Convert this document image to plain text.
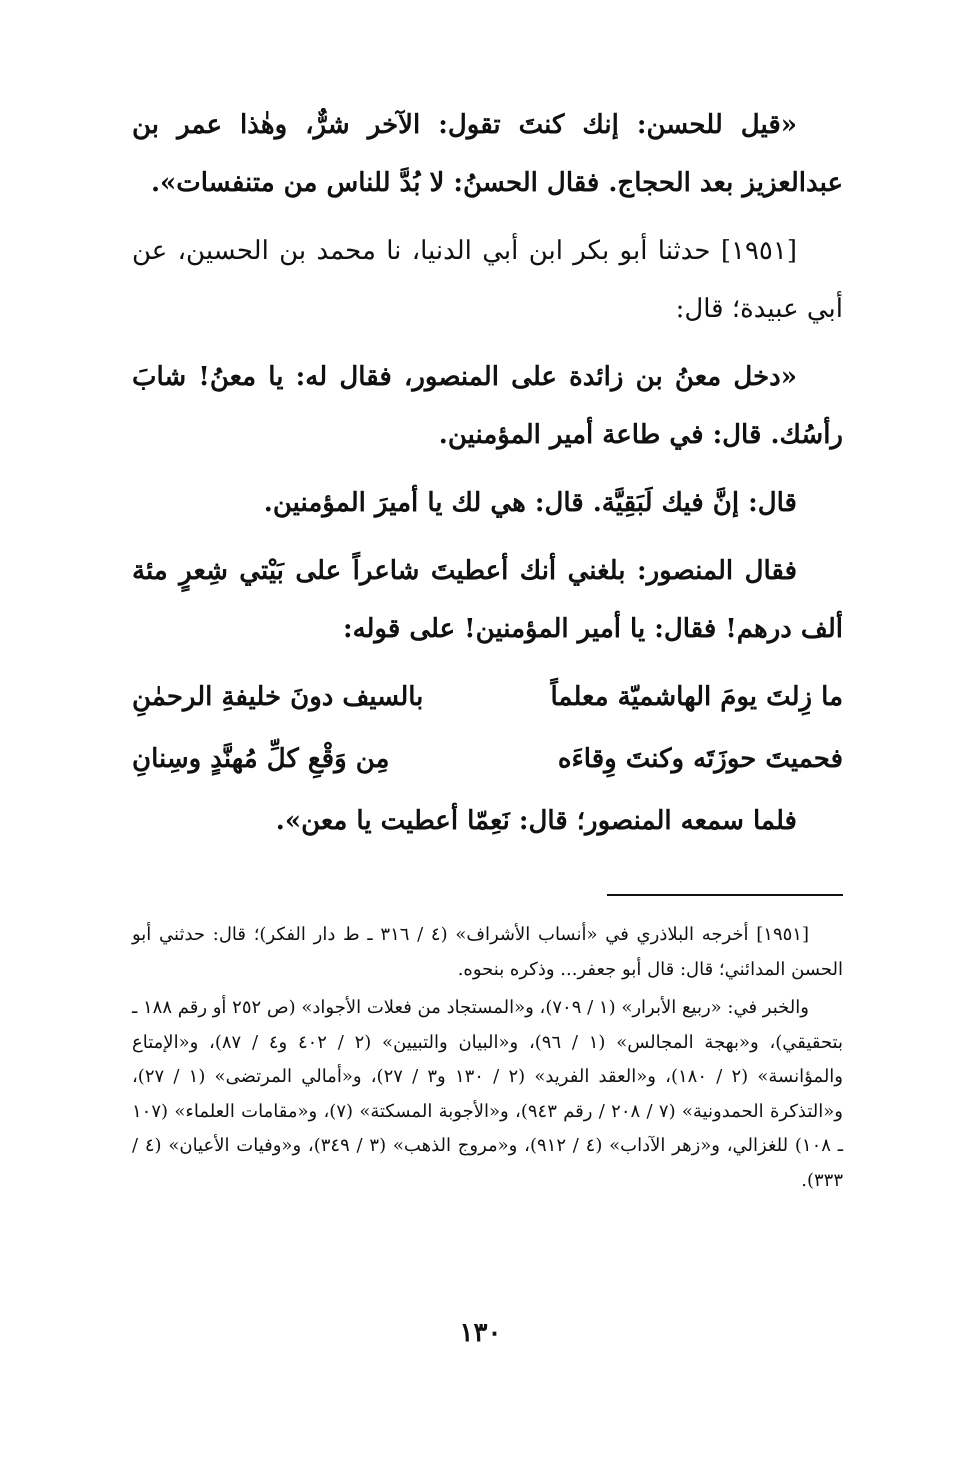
«قيل للحسن: إنك كنتَ تقول: الآخر شرٌّ، وهٰذا عمر بن عبدالعزيز بعد الحجاج. فقال الحسنُ: لا بُدَّ للناس من متنفسات».

[١٩٥١] حدثنا أبو بكر ابن أبي الدنيا، نا محمد بن الحسين، عن أبي عبيدة؛ قال:

«دخل معنُ بن زائدة على المنصور، فقال له: يا معنُ! شابَ رأسُك. قال: في طاعة أمير المؤمنين.

قال: إنَّ فيك لَبَقِيَّة. قال: هي لك يا أميرَ المؤمنين.

فقال المنصور: بلغني أنك أعطيتَ شاعراً على بَيْتي شِعرٍ مئة ألف درهم! فقال: يا أمير المؤمنين! على قوله:

ما زِلتَ يومَ الهاشميّة معلماً
بالسيف دونَ خليفةِ الرحمٰنِ
فحميتَ حوزَتَه وكنتَ وِقاءَه
مِن وَقْعِ كلِّ مُهنَّدٍ وسِنانِ

فلما سمعه المنصور؛ قال: نَعِمّا أعطيت يا معن».

[١٩٥١] أخرجه البلاذري في «أنساب الأشراف» (٤ / ٣١٦ ـ ط دار الفكر)؛ قال: حدثني أبو الحسن المدائني؛ قال: قال أبو جعفر... وذكره بنحوه.

والخبر في: «ربيع الأبرار» (١ / ٧٠٩)، و«المستجاد من فعلات الأجواد» (ص ٢٥٢ أو رقم ١٨٨ ـ بتحقيقي)، و«بهجة المجالس» (١ / ٩٦)، و«البيان والتبيين» (٢ / ٤٠٢ و٤ / ٨٧)، و«الإمتاع والمؤانسة» (٢ / ١٨٠)، و«العقد الفريد» (٢ / ١٣٠ و٣ / ٢٧)، و«أمالي المرتضى» (١ / ٢٧)، و«التذكرة الحمدونية» (٧ / ٢٠٨ / رقم ٩٤٣)، و«الأجوبة المسكتة» (٧)، و«مقامات العلماء» (١٠٧ ـ ١٠٨) للغزالي، و«زهر الآداب» (٤ / ٩١٢)، و«مروج الذهب» (٣ / ٣٤٩)، و«وفيات الأعيان» (٤ / ٣٣٣).

١٣٠
